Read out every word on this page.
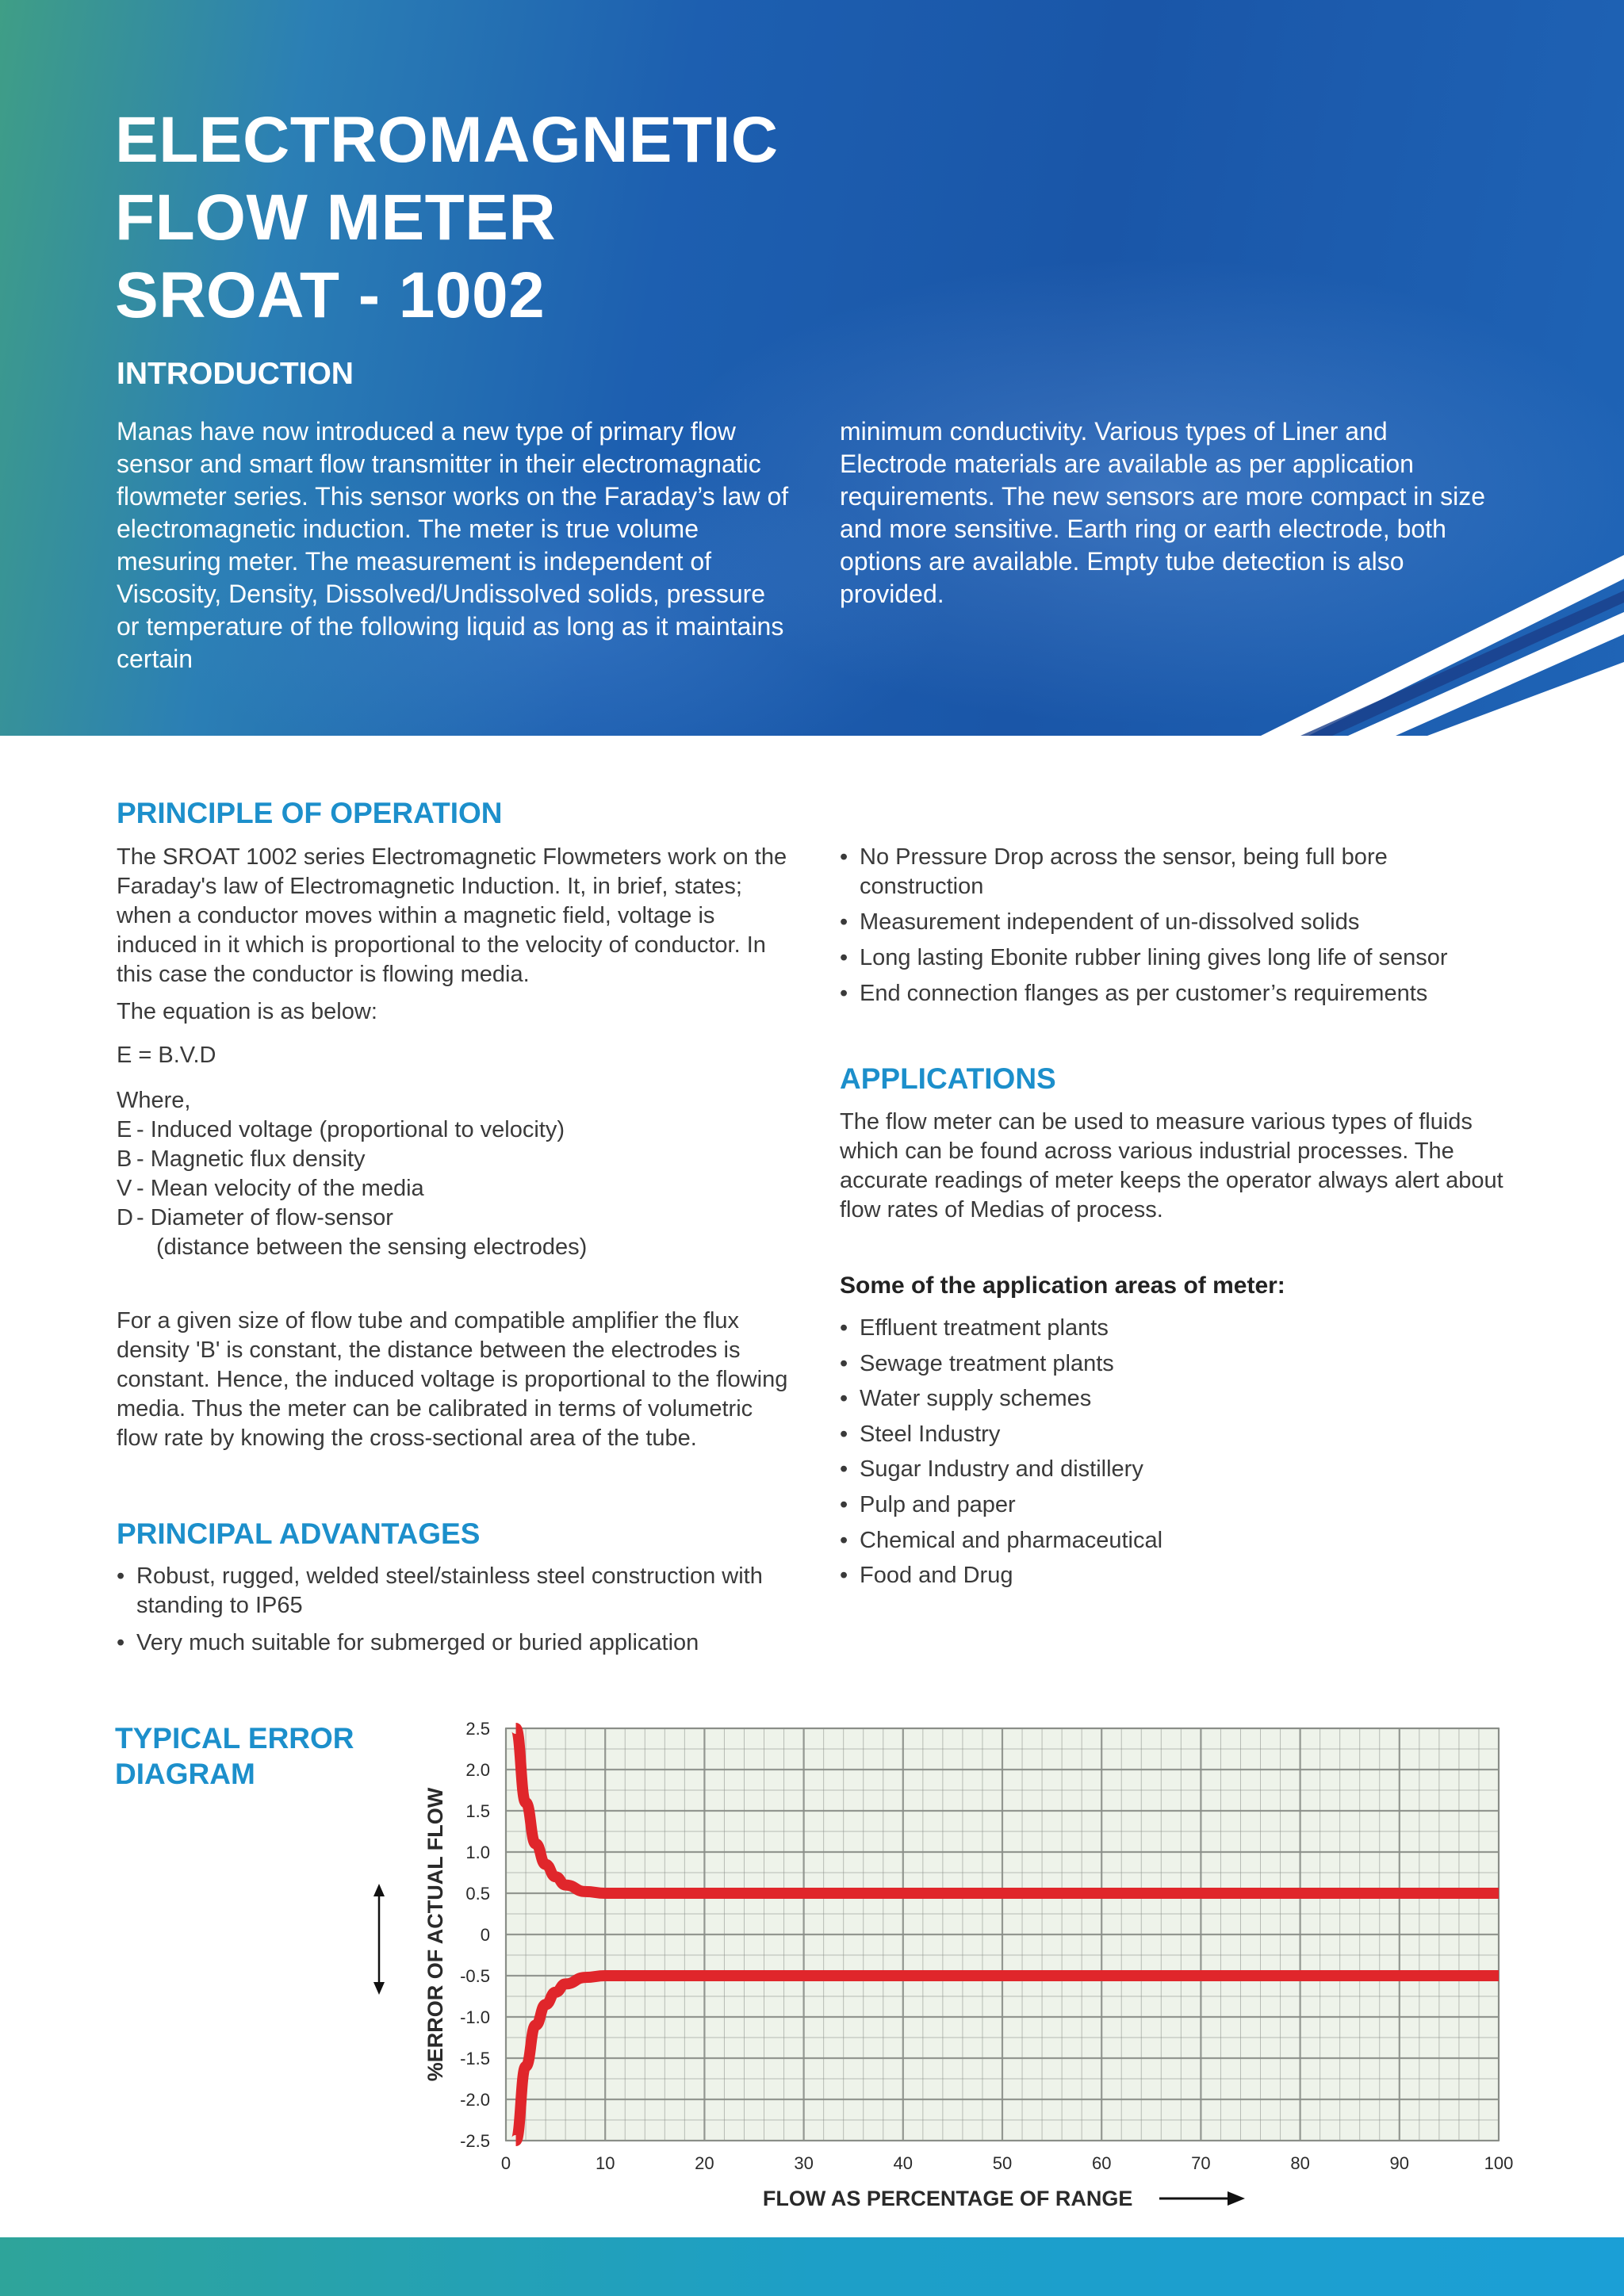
ELECTROMAGNETIC
FLOW METER
SROAT - 1002
INTRODUCTION

Manas have now introduced a new type of primary flow sensor and smart flow transmitter in their electromagnatic flowmeter series. This sensor works on the Faraday’s law of electromagnetic induction. The meter is true volume mesuring meter. The measurement is independent of Viscosity, Density, Dissolved/Undissolved solids, pressure or temperature of the following liquid as long as it maintains certain

minimum conductivity. Various types of Liner and Electrode materials are available as per application requirements. The new sensors are more compact in size and more sensitive. Earth ring or earth electrode, both options are available. Empty tube detection is also provided.

PRINCIPLE OF OPERATION

The SROAT 1002 series Electromagnetic Flowmeters work on the Faraday's law of Electromagnetic Induction. It, in brief, states; when a conductor moves within a magnetic field, voltage is induced in it which is proportional to the velocity of conductor. In this case the conductor is flowing media.

The equation is as below:

E = B.V.D

Where,

E - Induced voltage (proportional to velocity)
B - Magnetic flux density
V - Mean velocity of the media
D - Diameter of flow-sensor
(distance between the sensing electrodes)

For a given size of flow tube and compatible amplifier the flux density 'B' is constant, the distance between the electrodes is constant. Hence, the induced voltage is proportional to the flowing media. Thus the meter can be calibrated in terms of volumetric flow rate by knowing the cross-sectional area of the tube.

PRINCIPAL ADVANTAGES
• Robust, rugged, welded steel/stainless steel construction with standing to IP65
• Very much suitable for submerged or buried application
• No Pressure Drop across the sensor, being full bore construction
• Measurement independent of un-dissolved solids
• Long lasting Ebonite rubber lining gives long life of sensor
• End connection flanges as per customer’s requirements
APPLICATIONS

The flow meter can be used to measure various types of fluids which can be found across various industrial processes. The accurate readings of meter keeps the operator always alert about flow rates of Medias of process.

Some of the application areas of meter:

• Effluent treatment plants
• Sewage treatment plants
• Water supply schemes
• Steel Industry
• Sugar Industry and distillery
• Pulp and paper
• Chemical and pharmaceutical
• Food and Drug
TYPICAL ERROR
DIAGRAM
2.5
2.0
1.5
1.0
0.5
0
-0.5
-1.0
-1.5
-2.0
-2.5
0	10	20	30	40	50	60	70	80	90	100
FLOW AS PERCENTAGE OF RANGE
%ERROR OF ACTUAL FLOW
